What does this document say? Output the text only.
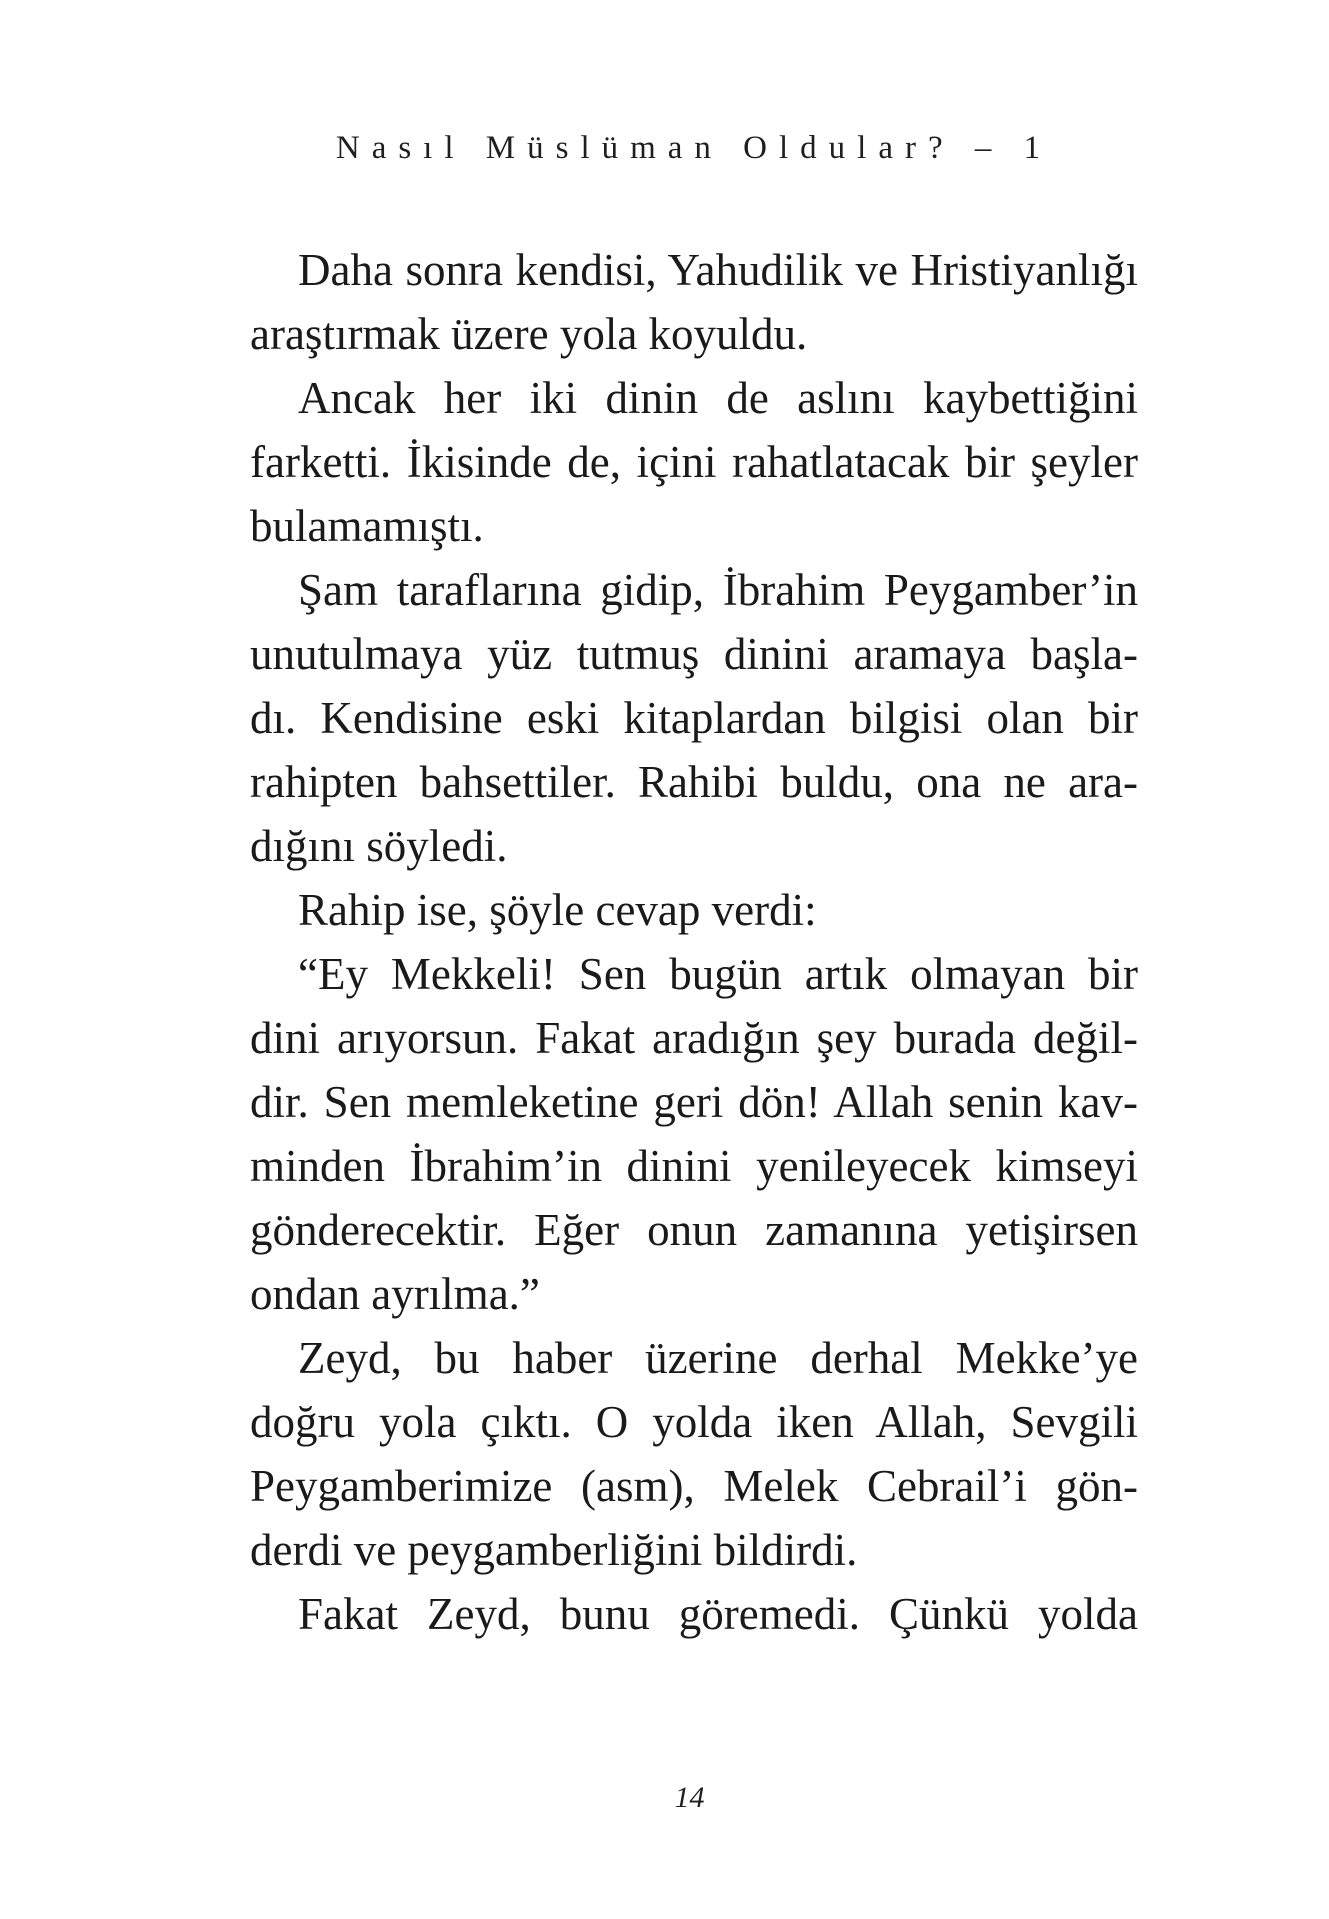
Nasıl Müslüman Oldular? – 1
Daha sonra kendisi, Yahudilik ve Hristiyanlığı
araştırmak üzere yola koyuldu.
Ancak her iki dinin de aslını kaybettiğini
farketti. İkisinde de, içini rahatlatacak bir şeyler
bulamamıştı.
Şam taraflarına gidip, İbrahim Peygamber’in
unutulmaya yüz tutmuş dinini aramaya başla-
dı. Kendisine eski kitaplardan bilgisi olan bir
rahipten bahsettiler. Rahibi buldu, ona ne ara-
dığını söyledi.
Rahip ise, şöyle cevap verdi:
“Ey Mekkeli! Sen bugün artık olmayan bir
dini arıyorsun. Fakat aradığın şey burada değil-
dir. Sen memleketine geri dön! Allah senin kav-
minden İbrahim’in dinini yenileyecek kimseyi
gönderecektir. Eğer onun zamanına yetişirsen
ondan ayrılma.”
Zeyd, bu haber üzerine derhal Mekke’ye
doğru yola çıktı. O yolda iken Allah, Sevgili
Peygamberimize (asm), Melek Cebrail’i gön-
derdi ve peygamberliğini bildirdi.
Fakat Zeyd, bunu göremedi. Çünkü yolda
14
